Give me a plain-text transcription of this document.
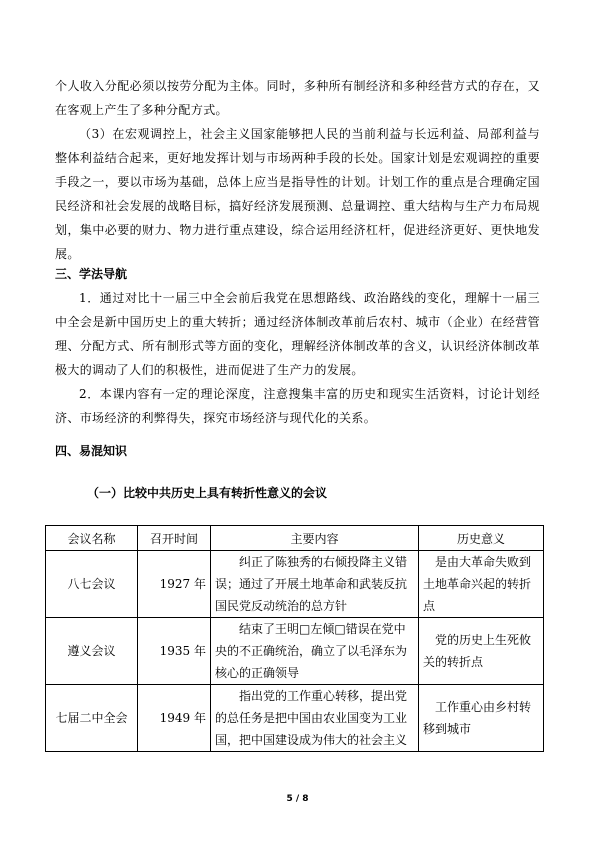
个人收入分配必须以按劳分配为主体。同时，多种所有制经济和多种经营方式的存在，又在客观上产生了多种分配方式。

（3）在宏观调控上，社会主义国家能够把人民的当前利益与长远利益、局部利益与整体利益结合起来，更好地发挥计划与市场两种手段的长处。国家计划是宏观调控的重要手段之一，要以市场为基础，总体上应当是指导性的计划。计划工作的重点是合理确定国民经济和社会发展的战略目标，搞好经济发展预测、总量调控、重大结构与生产力布局规划，集中必要的财力、物力进行重点建设，综合运用经济杠杆，促进经济更好、更快地发展。

三、学法导航

1．通过对比十一届三中全会前后我党在思想路线、政治路线的变化，理解十一届三中全会是新中国历史上的重大转折；通过经济体制改革前后农村、城市（企业）在经营管理、分配方式、所有制形式等方面的变化，理解经济体制改革的含义，认识经济体制改革极大的调动了人们的积极性，进而促进了生产力的发展。

2．本课内容有一定的理论深度，注意搜集丰富的历史和现实生活资料，讨论计划经济、市场经济的利弊得失，探究市场经济与现代化的关系。

四、易混知识
（一）比较中共历史上具有转折性意义的会议
会议名称	召开时间	主要内容	历史意义
八七会议	1927 年	纠正了陈独秀的右倾投降主义错误；通过了开展土地革命和武装反抗国民党反动统治的总方针	是由大革命失败到土地革命兴起的转折点
遵义会议	1935 年	结束了王明□左倾□错误在党中央的不正确统治，确立了以毛泽东为核心的正确领导	党的历史上生死攸关的转折点
七届二中全会	1949 年	指出党的工作重心转移，提出党的总任务是把中国由农业国变为工业国，把中国建设成为伟大的社会主义	工作重心由乡村转移到城市
5 / 8
